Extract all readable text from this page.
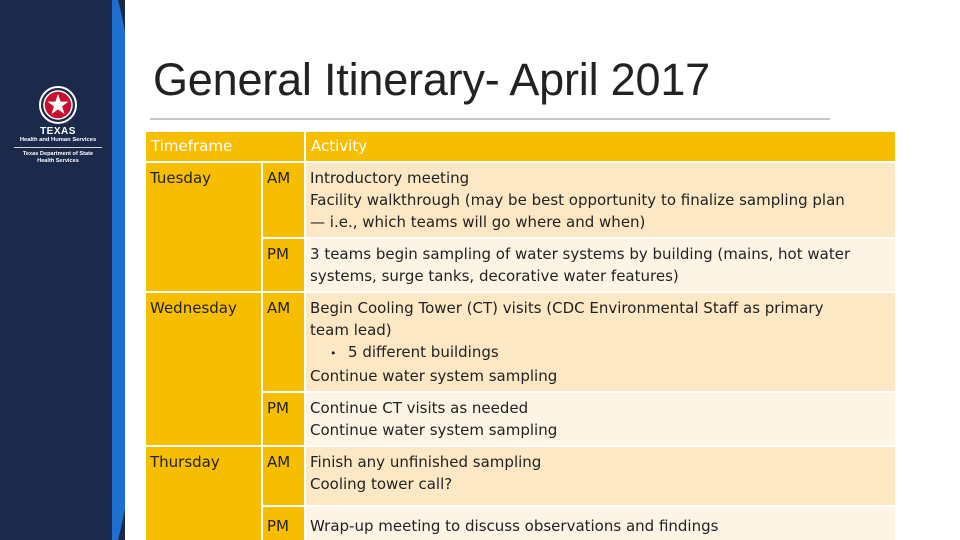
TEXAS
Health and Human Services
Texas Department of State
Health Services
General Itinerary- April 2017
Timeframe		Activity
Tuesday	AM	Introductory meeting
Facility walkthrough (may be best opportunity to finalize sampling plan
— i.e., which teams will go where and when)

	PM	3 teams begin sampling of water systems by building (mains, hot water
systems, surge tanks, decorative water features)

Wednesday	AM	Begin Cooling Tower (CT) visits (CDC Environmental Staff as primary
team lead)
• 5 different buildings
Continue water system sampling

	PM	Continue CT visits as needed
Continue water system sampling

Thursday	AM	Finish any unfinished sampling
Cooling tower call?

	PM	Wrap-up meeting to discuss observations and findings
